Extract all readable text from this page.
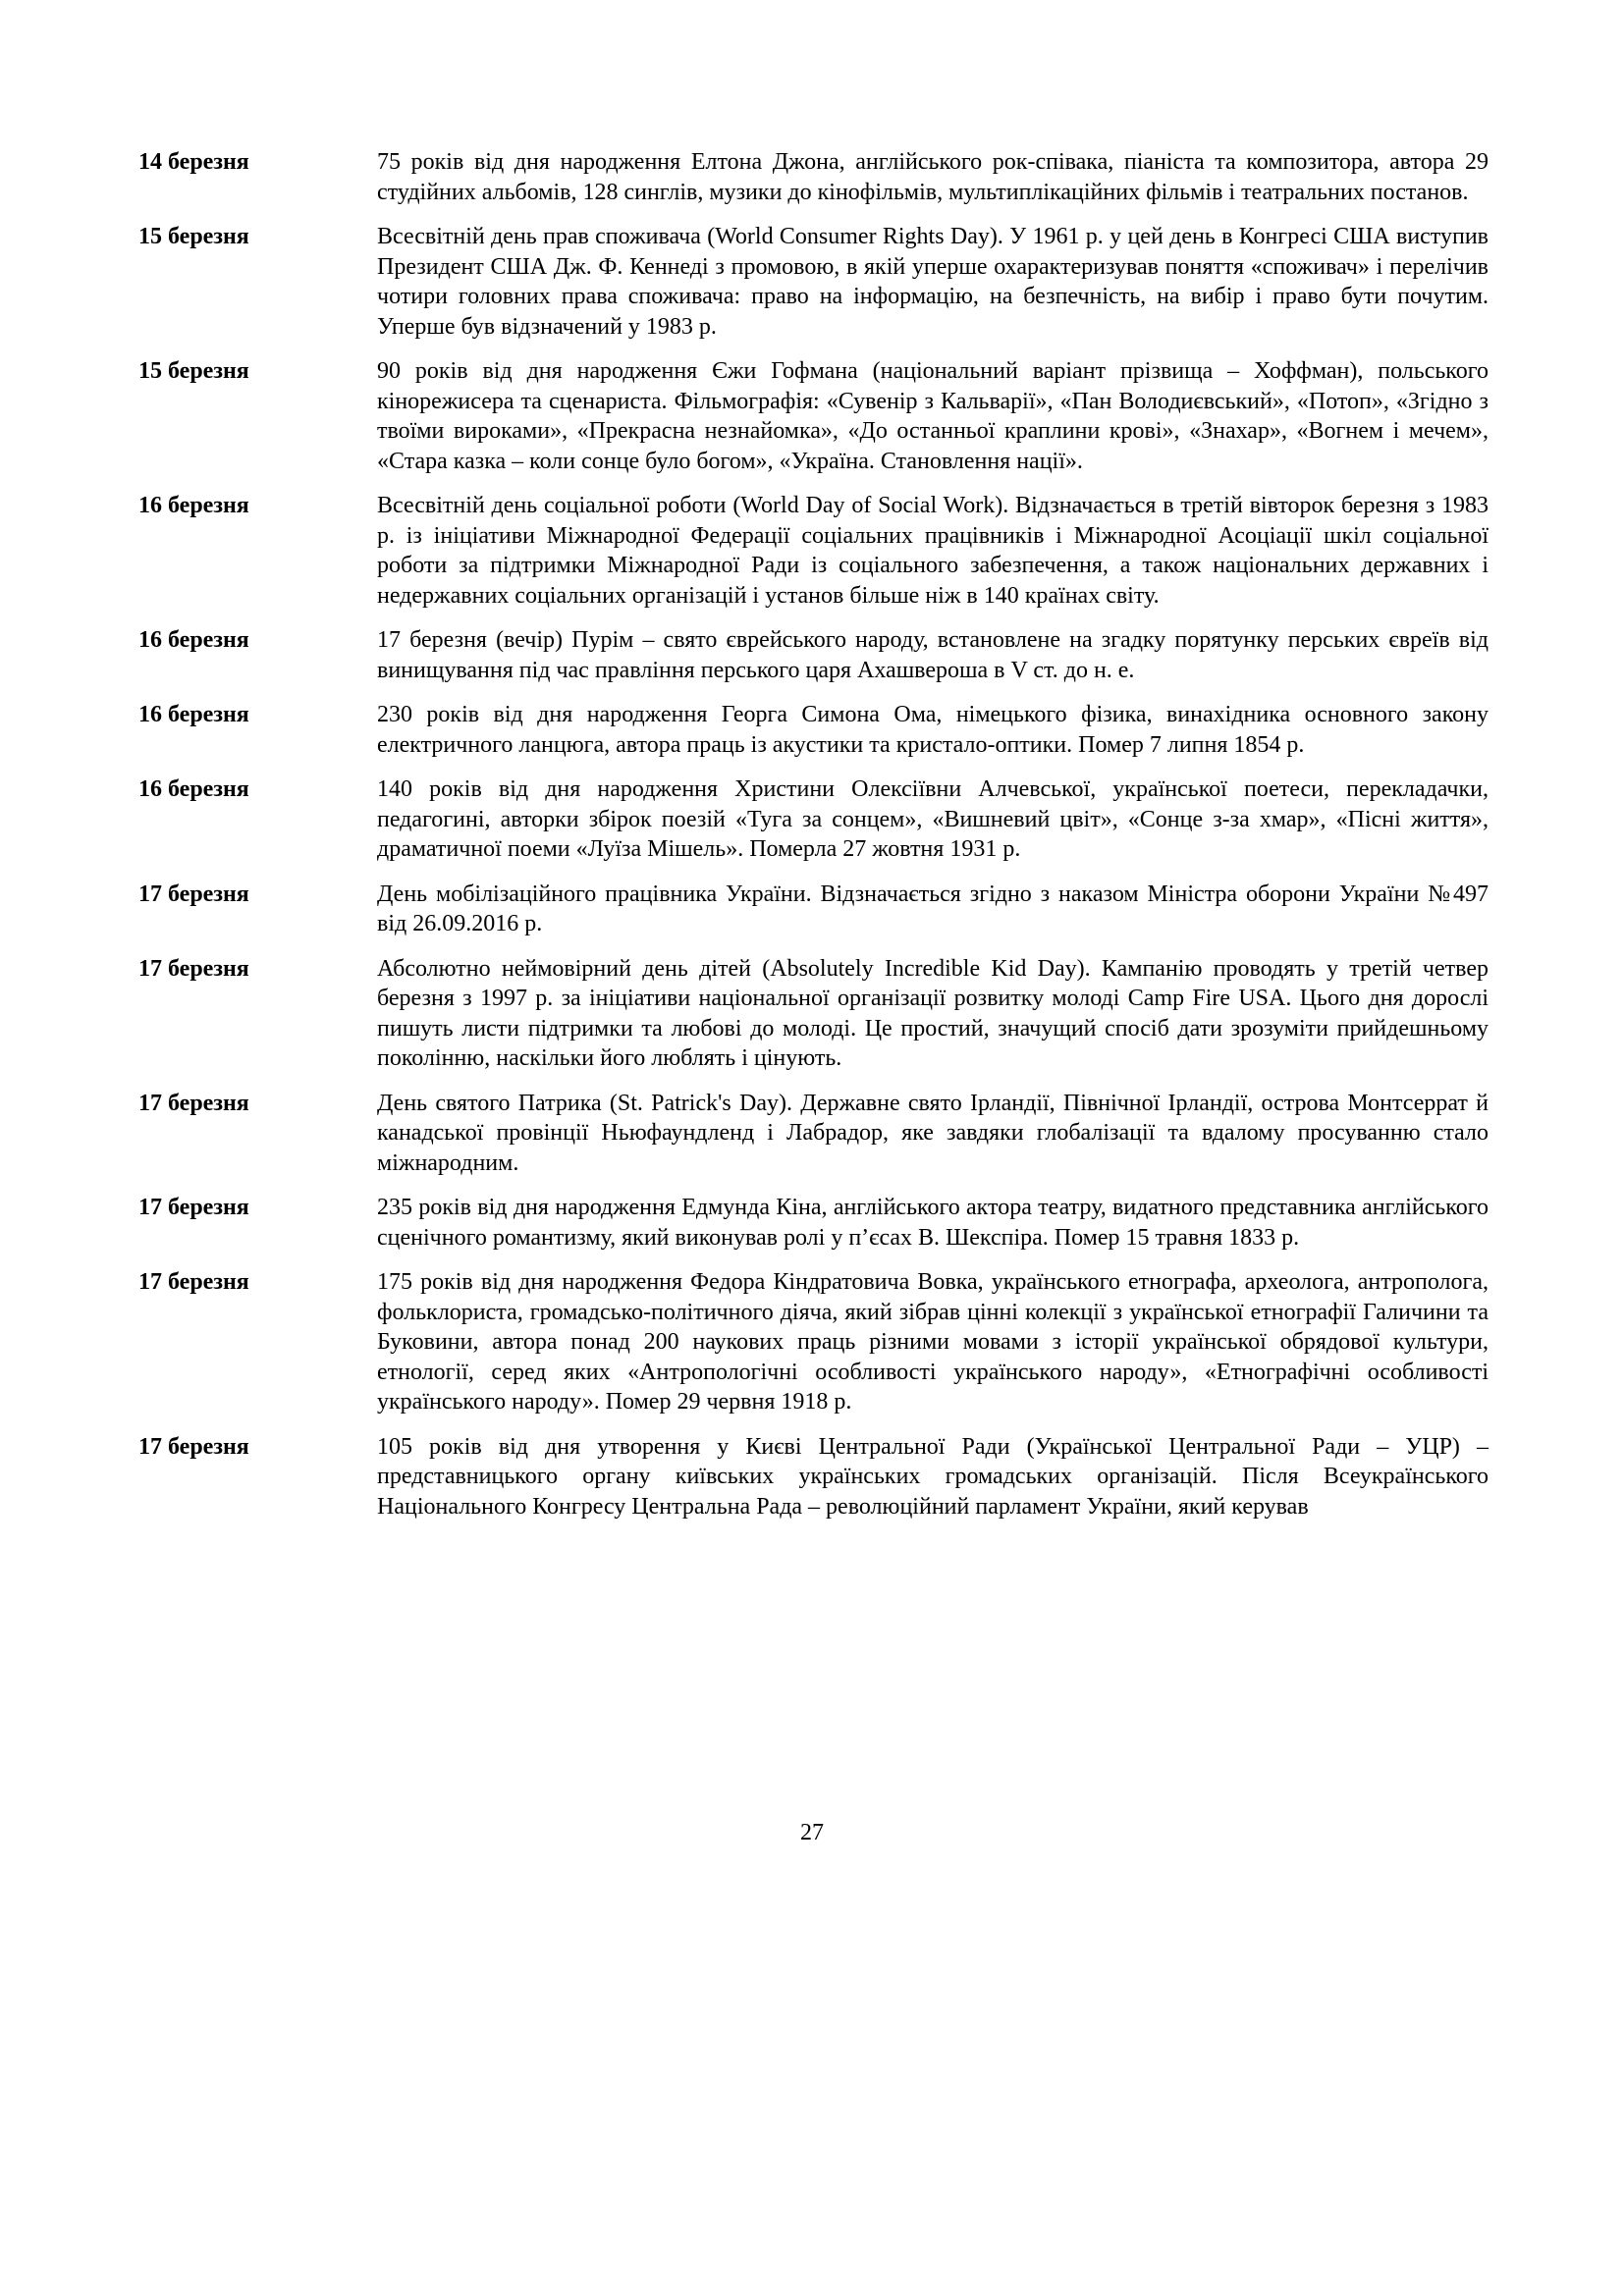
14 березня	75 років від дня народження Елтона Джона, англійського рок-співака, піаніста та композитора, автора 29 студійних альбомів, 128 синглів, музики до кінофільмів, мультиплікаційних фільмів і театральних постанов.
15 березня	Всесвітній день прав споживача (World Consumer Rights Day). У 1961 р. у цей день в Конгресі США виступив Президент США Дж. Ф. Кеннеді з промовою, в якій уперше охарактеризував поняття «споживач» і перелічив чотири головних права споживача: право на інформацію, на безпечність, на вибір і право бути почутим. Уперше був відзначений у 1983 р.
15 березня	90 років від дня народження Єжи Гофмана (національний варіант прізвища – Хоффман), польського кінорежисера та сценариста. Фільмографія: «Сувенір з Кальварії», «Пан Володиєвський», «Потоп», «Згідно з твоїми вироками», «Прекрасна незнайомка», «До останньої краплини крові», «Знахар», «Вогнем і мечем», «Стара казка – коли сонце було богом», «Україна. Становлення нації».
16 березня	Всесвітній день соціальної роботи (World Day of Social Work). Відзначається в третій вівторок березня з 1983 р. із ініціативи Міжнародної Федерації соціальних працівників і Міжнародної Асоціації шкіл соціальної роботи за підтримки Міжнародної Ради із соціального забезпечення, а також національних державних і недержавних соціальних організацій і установ більше ніж в 140 країнах світу.
16 березня	17 березня (вечір) Пурім – свято єврейського народу, встановлене на згадку порятунку перських євреїв від винищування під час правління перського царя Ахашвероша в V ст. до н. е.
16 березня	230 років від дня народження Георга Симона Ома, німецького фізика, винахідника основного закону електричного ланцюга, автора праць із акустики та кристало-оптики. Помер 7 липня 1854 р.
16 березня	140 років від дня народження Христини Олексіївни Алчевської, української поетеси, перекладачки, педагогині, авторки збірок поезій «Туга за сонцем», «Вишневий цвіт», «Сонце з-за хмар», «Пісні життя», драматичної поеми «Луїза Мішель». Померла 27 жовтня 1931 р.
17 березня	День мобілізаційного працівника України. Відзначається згідно з наказом Міністра оборони України №497 від 26.09.2016 р.
17 березня	Абсолютно неймовірний день дітей (Absolutely Incredible Kid Day). Кампанію проводять у третій четвер березня з 1997 р. за ініціативи національної організації розвитку молоді Camp Fire USA. Цього дня дорослі пишуть листи підтримки та любові до молоді. Це простий, значущий спосіб дати зрозуміти прийдешньому поколінню, наскільки його люблять і цінують.
17 березня	День святого Патрика (St. Patrick's Day). Державне свято Ірландії, Північної Ірландії, острова Монтсеррат й канадської провінції Ньюфаундленд і Лабрадор, яке завдяки глобалізації та вдалому просуванню стало міжнародним.
17 березня	235 років від дня народження Едмунда Кіна, англійського актора театру, видатного представника англійського сценічного романтизму, який виконував ролі у п’єсах В. Шекспіра. Помер 15 травня 1833 р.
17 березня	175 років від дня народження Федора Кіндратовича Вовка, українського етнографа, археолога, антрополога, фольклориста, громадсько-політичного діяча, який зібрав цінні колекції з української етнографії Галичини та Буковини, автора понад 200 наукових праць різними мовами з історії української обрядової культури, етнології, серед яких «Антропологічні особливості українського народу», «Етнографічні особливості українського народу». Помер 29 червня 1918 р.
17 березня	105 років від дня утворення у Києві Центральної Ради (Української Центральної Ради – УЦР) – представницького органу київських українських громадських організацій. Після Всеукраїнського Національного Конгресу Центральна Рада – революційний парламент України, який керував
27
